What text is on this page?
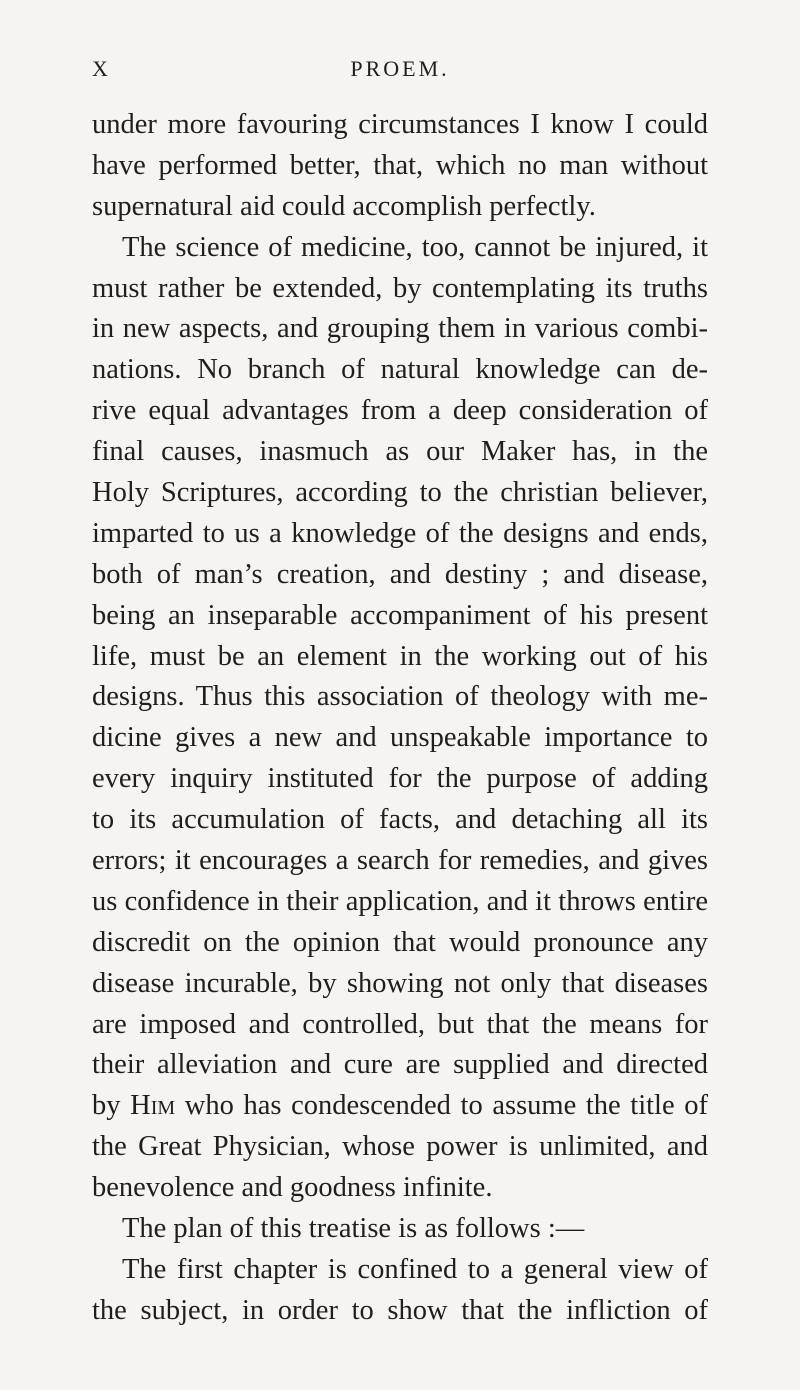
X	PROEM.
under more favouring circumstances I know I could
have performed better, that, which no man without
supernatural aid could accomplish perfectly.
The science of medicine, too, cannot be injured, it
must rather be extended, by contemplating its truths
in new aspects, and grouping them in various combi-
nations. No branch of natural knowledge can de-
rive equal advantages from a deep consideration of
final causes, inasmuch as our Maker has, in the
Holy Scriptures, according to the christian believer,
imparted to us a knowledge of the designs and ends,
both of man’s creation, and destiny ; and disease,
being an inseparable accompaniment of his present
life, must be an element in the working out of his
designs. Thus this association of theology with me-
dicine gives a new and unspeakable importance to
every inquiry instituted for the purpose of adding
to its accumulation of facts, and detaching all its
errors; it encourages a search for remedies, and gives
us confidence in their application, and it throws entire
discredit on the opinion that would pronounce any
disease incurable, by showing not only that diseases
are imposed and controlled, but that the means for
their alleviation and cure are supplied and directed
by Him who has condescended to assume the title of
the Great Physician, whose power is unlimited, and
benevolence and goodness infinite.
The plan of this treatise is as follows :—
The first chapter is confined to a general view of
the subject, in order to show that the infliction of
